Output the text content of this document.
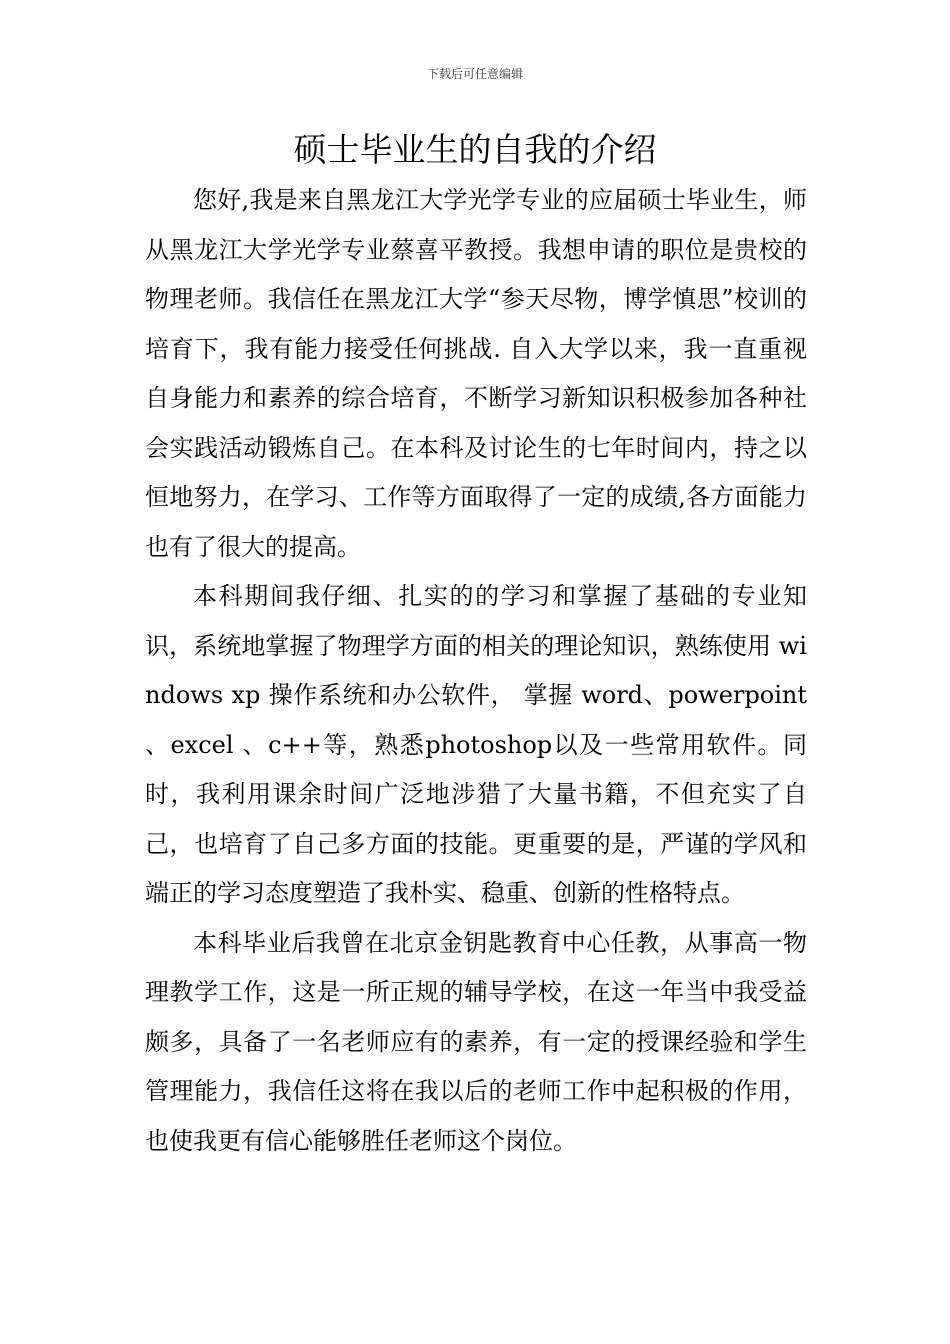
下载后可任意编辑
硕士毕业生的自我的介绍

您好,我是来自黑龙江大学光学专业的应届硕士毕业生，师从黑龙江大学光学专业蔡喜平教授。我想申请的职位是贵校的物理老师。我信任在黑龙江大学“参天尽物，博学慎思”校训的培育下，我有能力接受任何挑战. 自入大学以来，我一直重视自身能力和素养的综合培育，不断学习新知识积极参加各种社会实践活动锻炼自己。在本科及讨论生的七年时间内，持之以恒地努力，在学习、工作等方面取得了一定的成绩,各方面能力也有了很大的提高。

本科期间我仔细、扎实的的学习和掌握了基础的专业知识，系统地掌握了物理学方面的相关的理论知识，熟练使用 windows xp 操作系统和办公软件， 掌握 word、powerpoint 、excel 、c++等，熟悉photoshop以及一些常用软件。同时，我利用课余时间广泛地涉猎了大量书籍，不但充实了自己，也培育了自己多方面的技能。更重要的是，严谨的学风和端正的学习态度塑造了我朴实、稳重、创新的性格特点。

本科毕业后我曾在北京金钥匙教育中心任教，从事高一物理教学工作，这是一所正规的辅导学校，在这一年当中我受益颇多，具备了一名老师应有的素养，有一定的授课经验和学生管理能力，我信任这将在我以后的老师工作中起积极的作用，也使我更有信心能够胜任老师这个岗位。
